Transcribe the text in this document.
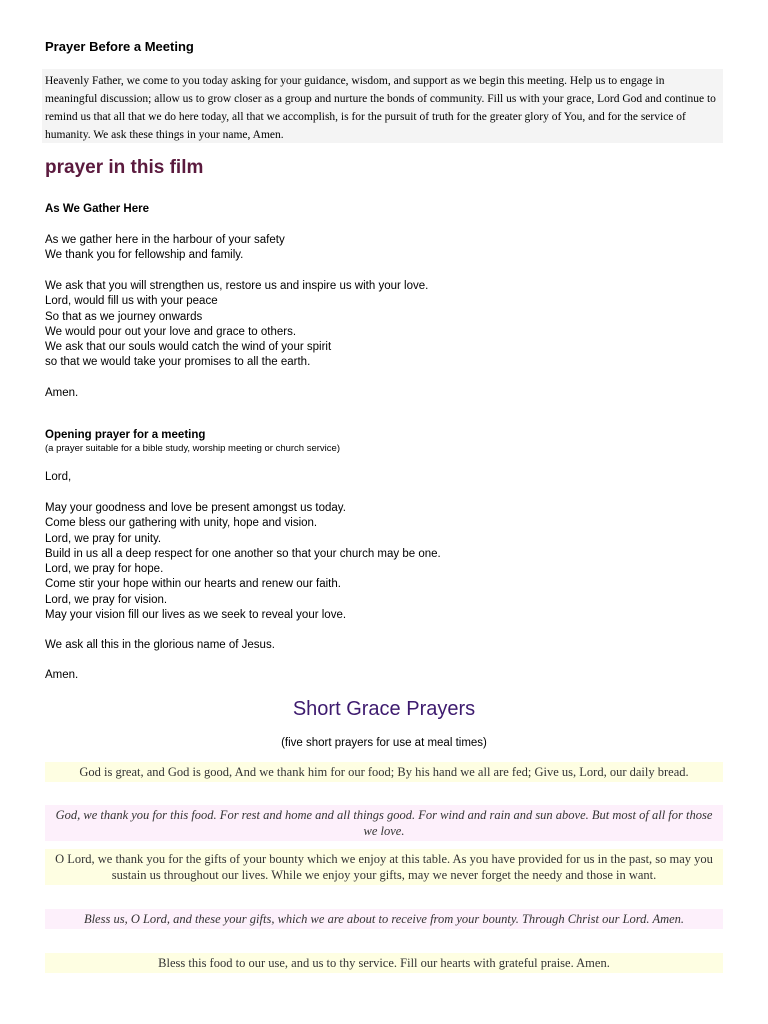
Prayer Before a Meeting

Heavenly Father, we come to you today asking for your guidance, wisdom, and support as we begin this meeting. Help us to engage in meaningful discussion; allow us to grow closer as a group and nurture the bonds of community. Fill us with your grace, Lord God and continue to remind us that all that we do here today, all that we accomplish, is for the pursuit of truth for the greater glory of You, and for the service of humanity. We ask these things in your name, Amen.

prayer in this film
As We Gather Here
As we gather here in the harbour of your safety
We thank you for fellowship and family.
We ask that you will strengthen us, restore us and inspire us with your love.
Lord, would fill us with your peace
So that as we journey onwards
We would pour out your love and grace to others.
We ask that our souls would catch the wind of your spirit
so that we would take your promises to all the earth.
Amen.
Opening prayer for a meeting
(a prayer suitable for a bible study, worship meeting or church service)
Lord,
May your goodness and love be present amongst us today.
Come bless our gathering with unity, hope and vision.
Lord, we pray for unity.
Build in us all a deep respect for one another so that your church may be one.
Lord, we pray for hope.
Come stir your hope within our hearts and renew our faith.
Lord, we pray for vision.
May your vision fill our lives as we seek to reveal your love.
We ask all this in the glorious name of Jesus.
Amen.
Short Grace Prayers

(five short prayers for use at meal times)

God is great, and God is good, And we thank him for our food; By his hand we all are fed; Give us, Lord, our daily bread.

God, we thank you for this food. For rest and home and all things good. For wind and rain and sun above. But most of all for those we love.

O Lord, we thank you for the gifts of your bounty which we enjoy at this table. As you have provided for us in the past, so may you sustain us throughout our lives. While we enjoy your gifts, may we never forget the needy and those in want.

Bless us, O Lord, and these your gifts, which we are about to receive from your bounty. Through Christ our Lord. Amen.

Bless this food to our use, and us to thy service. Fill our hearts with grateful praise. Amen.
